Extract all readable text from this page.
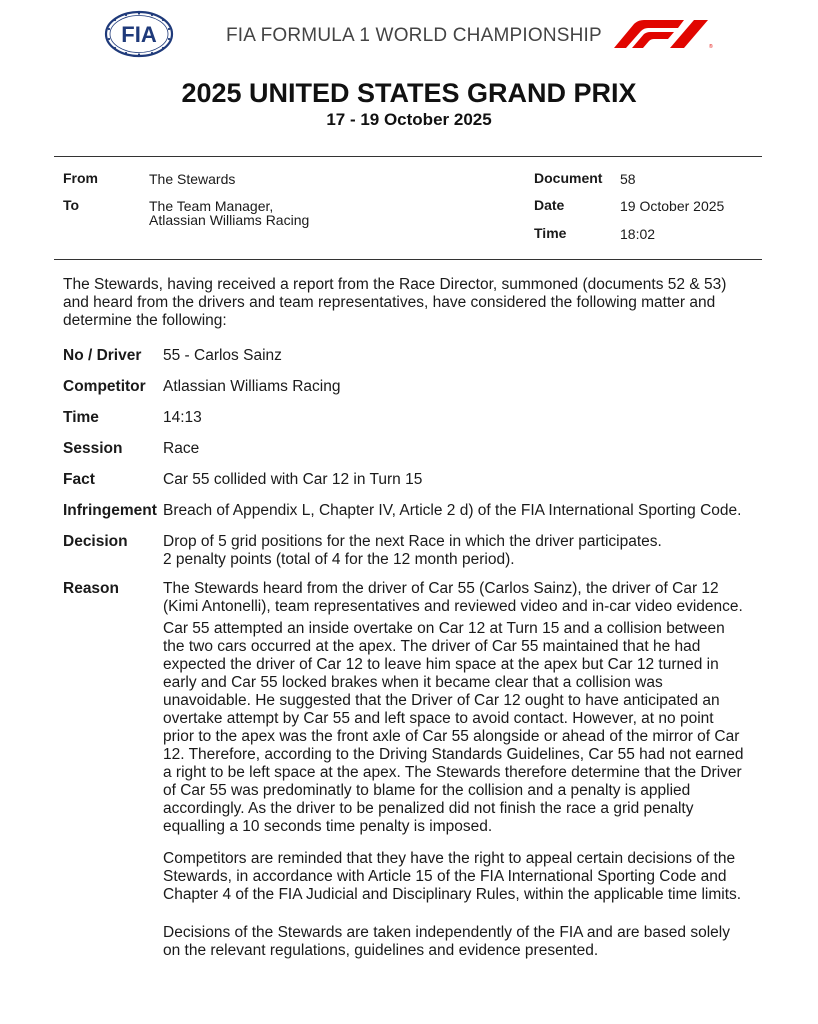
FIA	FIA FORMULA 1 WORLD CHAMPIONSHIP
®
2025 UNITED STATES GRAND PRIX
17 - 19 October 2025
From	The Stewards
To	The Team Manager,
Atlassian Williams Racing
Document 58
Date	19 October 2025
Time	18:02
The Stewards, having received a report from the Race Director, summoned (documents 52 & 53)
and heard from the drivers and team representatives, have considered the following matter and
determine the following:
No / Driver 55 - Carlos Sainz
Competitor Atlassian Williams Racing
Time	14:13
Session	Race
Fact	Car 55 collided with Car 12 in Turn 15
Infringement Breach of Appendix L, Chapter IV, Article 2 d) of the FIA International Sporting Code.
Decision Drop of 5 grid positions for the next Race in which the driver participates.
2 penalty points (total of 4 for the 12 month period).
Reason	The Stewards heard from the driver of Car 55 (Carlos Sainz), the driver of Car 12
(Kimi Antonelli), team representatives and reviewed video and in-car video evidence.
Car 55 attempted an inside overtake on Car 12 at Turn 15 and a collision between
the two cars occurred at the apex. The driver of Car 55 maintained that he had
expected the driver of Car 12 to leave him space at the apex but Car 12 turned in
early and Car 55 locked brakes when it became clear that a collision was
unavoidable. He suggested that the Driver of Car 12 ought to have anticipated an
overtake attempt by Car 55 and left space to avoid contact. However, at no point
prior to the apex was the front axle of Car 55 alongside or ahead of the mirror of Car
12. Therefore, according to the Driving Standards Guidelines, Car 55 had not earned
a right to be left space at the apex. The Stewards therefore determine that the Driver
of Car 55 was predominatly to blame for the collision and a penalty is applied
accordingly. As the driver to be penalized did not finish the race a grid penalty
equalling a 10 seconds time penalty is imposed.
Competitors are reminded that they have the right to appeal certain decisions of the
Stewards, in accordance with Article 15 of the FIA International Sporting Code and
Chapter 4 of the FIA Judicial and Disciplinary Rules, within the applicable time limits.
Decisions of the Stewards are taken independently of the FIA and are based solely
on the relevant regulations, guidelines and evidence presented.
